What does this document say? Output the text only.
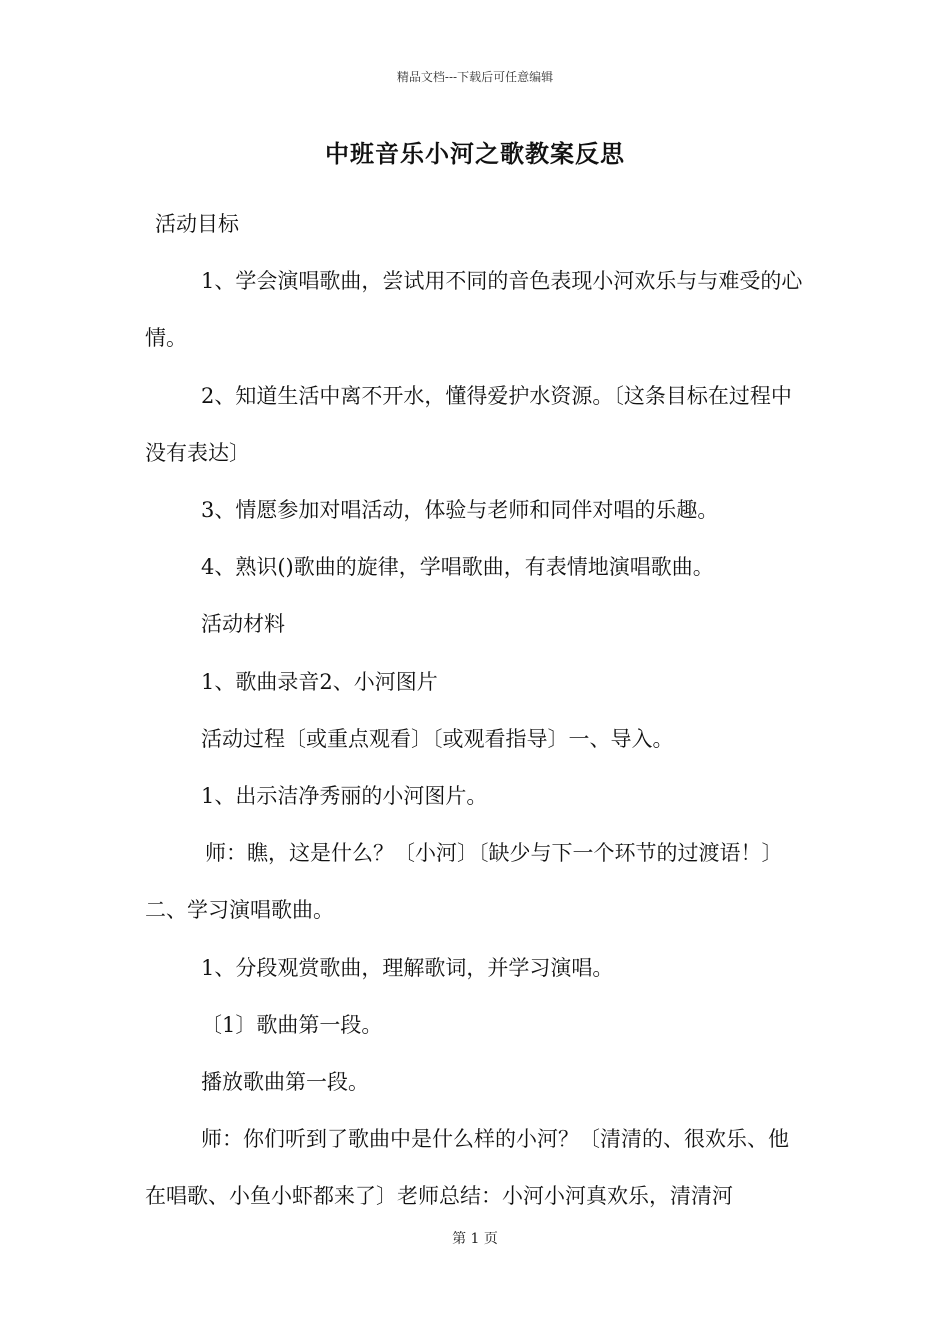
精品文档---下载后可任意编辑
中班音乐小河之歌教案反思

活动目标

1、学会演唱歌曲，尝试用不同的音色表现小河欢乐与与难受的心情。

2、知道生活中离不开水，懂得爱护水资源。〔这条目标在过程中没有表达〕

3、情愿参加对唱活动，体验与老师和同伴对唱的乐趣。

4、熟识()歌曲的旋律，学唱歌曲，有表情地演唱歌曲。

活动材料

1、歌曲录音2、小河图片

活动过程〔或重点观看〕〔或观看指导〕一、导入。

1、出示洁净秀丽的小河图片。

师：瞧，这是什么？〔小河〕〔缺少与下一个环节的过渡语！〕二、学习演唱歌曲。

1、分段观赏歌曲，理解歌词，并学习演唱。

〔1〕歌曲第一段。

播放歌曲第一段。

师：你们听到了歌曲中是什么样的小河？〔清清的、很欢乐、他在唱歌、小鱼小虾都来了〕老师总结：小河小河真欢乐，清清河

第 1 页
